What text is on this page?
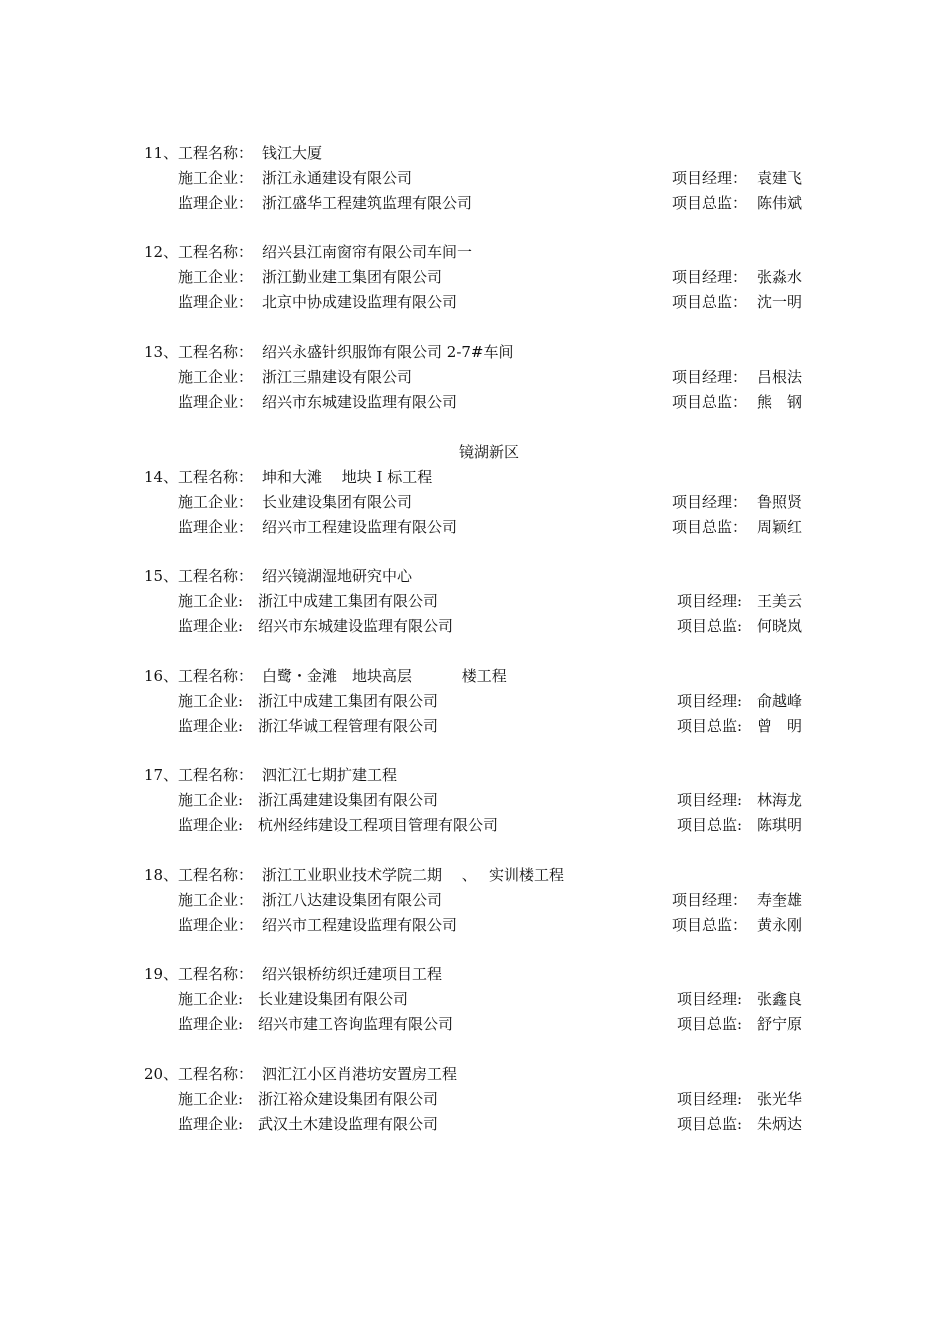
11、 工程名称： 钱江大厦
施工企业： 浙江永通建设有限公司	项目经理： 袁建飞
监理企业： 浙江盛华工程建筑监理有限公司	项目总监： 陈伟斌
12、 工程名称： 绍兴县江南窗帘有限公司车间一
施工企业： 浙江勤业建工集团有限公司	项目经理： 张淼水
监理企业： 北京中协成建设监理有限公司	项目总监： 沈一明
13、 工程名称： 绍兴永盛针织服饰有限公司 2-7#车间
施工企业： 浙江三鼎建设有限公司	项目经理： 吕根法
监理企业： 绍兴市东城建设监理有限公司	项目总监： 熊　钢
镜湖新区
14、 工程名称： 坤和大滩　 地块 I 标工程
施工企业： 长业建设集团有限公司	项目经理： 鲁照贤
监理企业： 绍兴市工程建设监理有限公司	项目总监： 周颖红
15、 工程名称： 绍兴镜湖湿地研究中心
施工企业: 浙江中成建工集团有限公司	项目经理: 王美云
监理企业: 绍兴市东城建设监理有限公司	项目总监: 何晓岚
16、 工程名称： 白鹭・金滩　地块高层　　　 楼工程
施工企业: 浙江中成建工集团有限公司	项目经理: 俞越峰
监理企业: 浙江华诚工程管理有限公司	项目总监: 曾　明
17、 工程名称： 泗汇江七期扩建工程
施工企业: 浙江禹建建设集团有限公司	项目经理: 林海龙
监理企业: 杭州经纬建设工程项目管理有限公司	项目总监: 陈琪明
18、 工程名称： 浙江工业职业技术学院二期　 、　 实训楼工程
施工企业： 浙江八达建设集团有限公司	项目经理： 寿奎雄
监理企业： 绍兴市工程建设监理有限公司	项目总监： 黄永刚
19、 工程名称： 绍兴银桥纺织迁建项目工程
施工企业: 长业建设集团有限公司	项目经理: 张鑫良
监理企业: 绍兴市建工咨询监理有限公司	项目总监: 舒宁原
20、 工程名称： 泗汇江小区肖港坊安置房工程
施工企业: 浙江裕众建设集团有限公司	项目经理: 张光华
监理企业: 武汉土木建设监理有限公司	项目总监: 朱炳达
